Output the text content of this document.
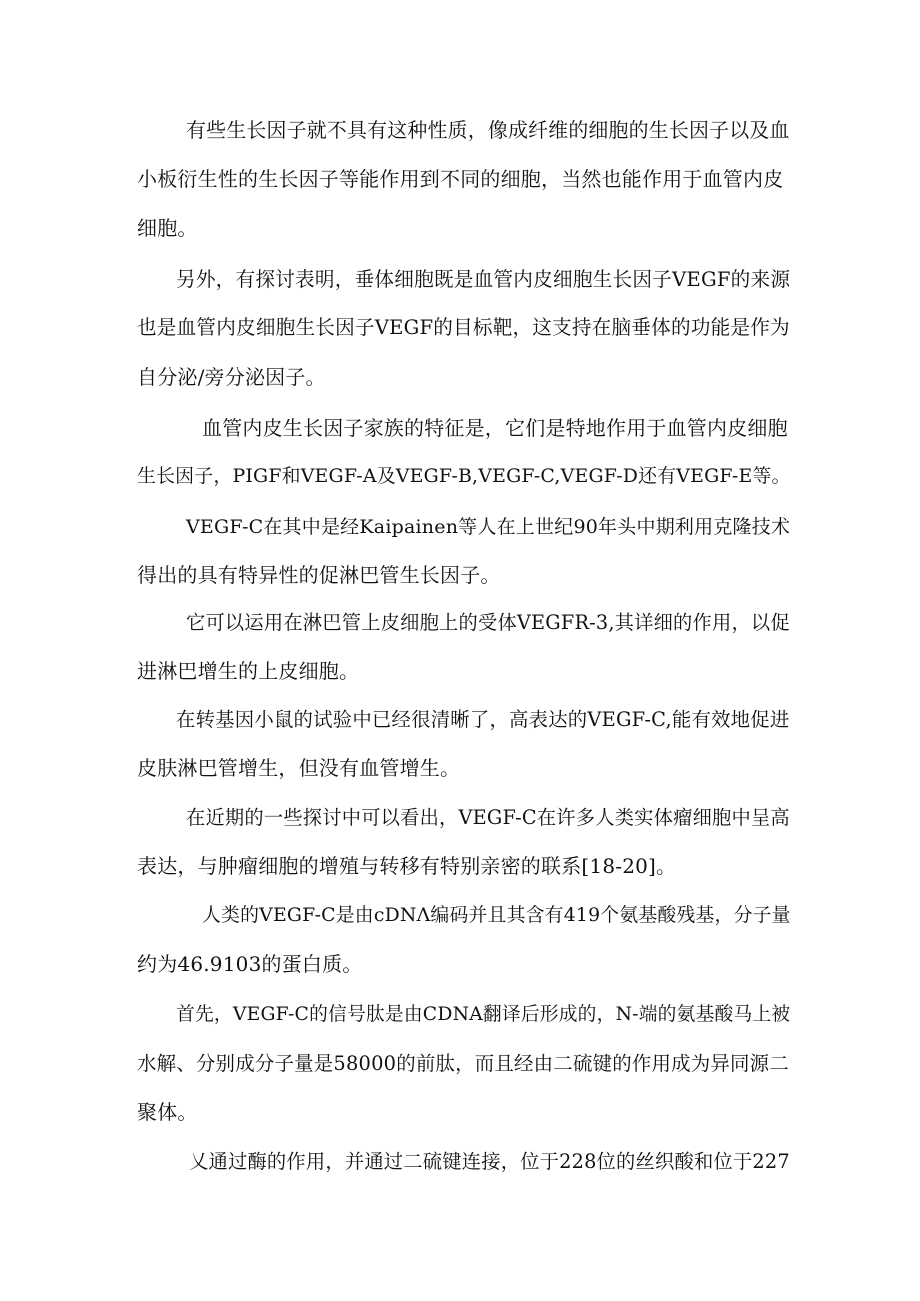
有些生长因子就不具有这种性质，像成纤维的细胞的生长因子以及血
小板衍生性的生长因子等能作用到不同的细胞，当然也能作用于血管内皮
细胞。
另外，有探讨表明，垂体细胞既是血管内皮细胞生长因子VEGF的来源
也是血管内皮细胞生长因子VEGF的目标靶，这支持在脑垂体的功能是作为
自分泌/旁分泌因子。
血管内皮生长因子家族的特征是，它们是特地作用于血管内皮细胞
生长因子，PIGF和VEGF-A及VEGF-B,VEGF-C,VEGF-D还有VEGF-E等。
VEGF-C在其中是经Kaipainen等人在上世纪90年头中期利用克隆技术
得出的具有特异性的促淋巴管生长因子。
它可以运用在淋巴管上皮细胞上的受体VEGFR-3,其详细的作用，以促
进淋巴增生的上皮细胞。
在转基因小鼠的试验中已经很清晰了，高表达的VEGF-C,能有效地促进
皮肤淋巴管增生，但没有血管增生。
在近期的一些探讨中可以看出，VEGF-C在许多人类实体瘤细胞中呈高
表达，与肿瘤细胞的增殖与转移有特别亲密的联系[18-20]。
人类的VEGF-C是由cDNΛ编码并且其含有419个氨基酸残基，分子量
约为46.9103的蛋白质。
首先，VEGF-C的信号肽是由CDNA翻译后形成的，N-端的氨基酸马上被
水解、分别成分子量是58000的前肽，而且经由二硫键的作用成为异同源二
聚体。
乂通过酶的作用，并通过二硫键连接，位于228位的丝织酸和位于227
